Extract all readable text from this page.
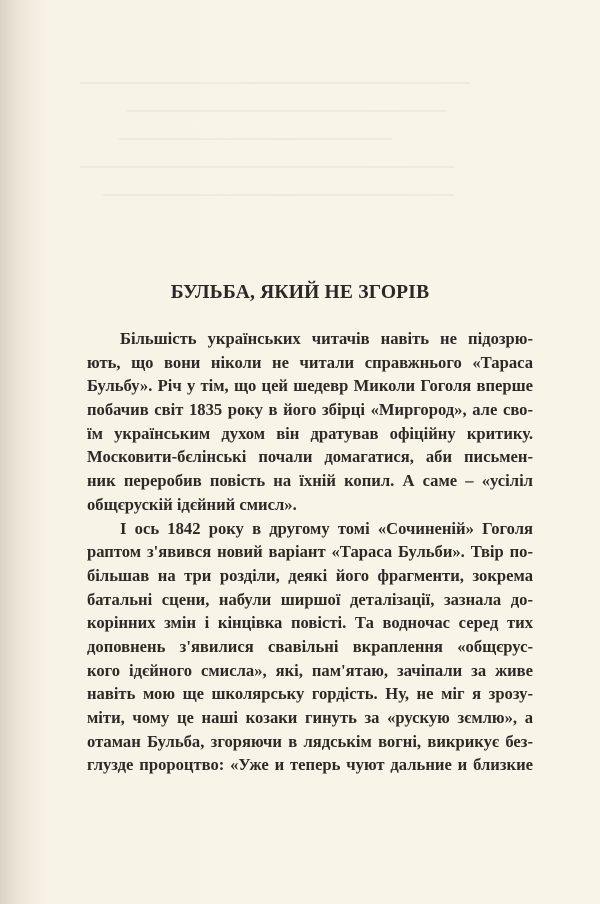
БУЛЬБА, ЯКИЙ НЕ ЗГОРІВ
Більшість українських читачів навіть не підозрю-
ють, що вони ніколи не читали справжнього «Тараса
Бульбу». Річ у тім, що цей шедевр Миколи Гоголя вперше
побачив світ 1835 року в його збірці «Миргород», але сво-
їм українським духом він дратував офіційну критику.
Московити-бєлінські почали домагатися, аби письмен-
ник переробив повість на їхній копил. А саме – «усіліл
общєрускій ідєйний смисл».
І ось 1842 року в другому томі «Сочиненій» Гоголя
раптом з'явився новий варіант «Тараса Бульби». Твір по-
більшав на три розділи, деякі його фрагменти, зокрема
батальні сцени, набули ширшої деталізації, зазнала до-
корінних змін і кінцівка повісті. Та водночас серед тих
доповнень з'явилися свавільні вкраплення «общєрус-
кого ідєйного смисла», які, пам'ятаю, зачіпали за живе
навіть мою ще школярську гордість. Ну, не міг я зрозу-
міти, чому це наші козаки гинуть за «рускую зємлю», а
отаман Бульба, згоряючи в лядськім вогні, викрикує без-
глузде пророцтво: «Уже и теперь чуют дальние и близкие
